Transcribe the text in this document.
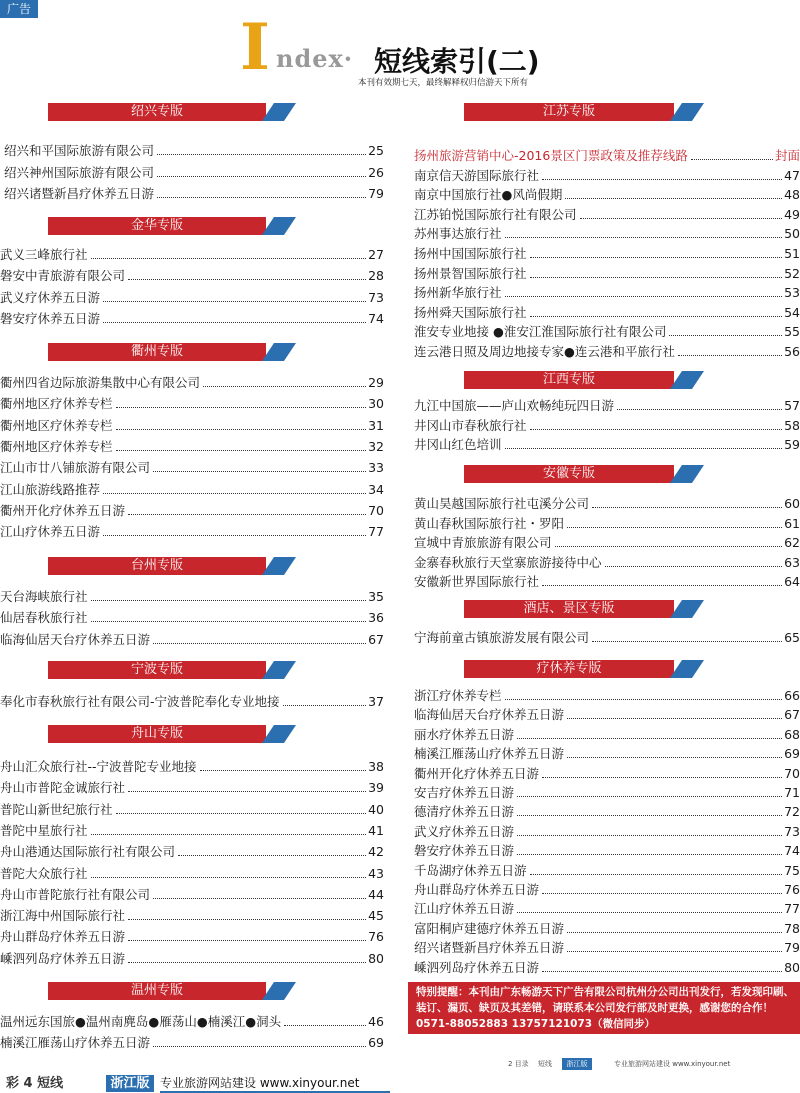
广告
I ndex· 短线索引(二)
本刊有效期七天，最终解释权归信游天下所有
绍兴专版
绍兴和平国际旅游有限公司	25
绍兴神州国际旅游有限公司	26
绍兴诸暨新昌疗休养五日游	79
金华专版
武义三峰旅行社	27
磐安中青旅游有限公司	28
武义疗休养五日游	73
磐安疗休养五日游	74
衢州专版
衢州四省边际旅游集散中心有限公司	29
衢州地区疗休养专栏	30
衢州地区疗休养专栏	31
衢州地区疗休养专栏	32
江山市廿八铺旅游有限公司	33
江山旅游线路推荐	34
衢州开化疗休养五日游	70
江山疗休养五日游	77
台州专版
天台海峡旅行社	35
仙居春秋旅行社	36
临海仙居天台疗休养五日游	67
宁波专版
奉化市春秋旅行社有限公司-宁波普陀奉化专业地接	37
舟山专版
舟山汇众旅行社--宁波普陀专业地接	38
舟山市普陀金诚旅行社	39
普陀山新世纪旅行社	40
普陀中星旅行社	41
舟山港通达国际旅行社有限公司	42
普陀大众旅行社	43
舟山市普陀旅行社有限公司	44
浙江海中州国际旅行社	45
舟山群岛疗休养五日游	76
嵊泗列岛疗休养五日游	80
温州专版
温州远东国旅●温州南麂岛●雁荡山●楠溪江●洞头	46
楠溪江雁荡山疗休养五日游	69
江苏专版
扬州旅游营销中心-2016景区门票政策及推荐线路	封面
南京信天游国际旅行社	47
南京中国旅行社●风尚假期	48
江苏铂悦国际旅行社有限公司	49
苏州事达旅行社	50
扬州中国国际旅行社	51
扬州景智国际旅行社	52
扬州新华旅行社	53
扬州舜天国际旅行社	54
淮安专业地接 ●淮安江淮国际旅行社有限公司	55
连云港日照及周边地接专家●连云港和平旅行社	56
江西专版
九江中国旅——庐山欢畅纯玩四日游	57
井冈山市春秋旅行社	58
井冈山红色培训	59
安徽专版
黄山昊越国际旅行社屯溪分公司	60
黄山春秋国际旅行社・罗阳	61
宣城中青旅旅游有限公司	62
金寨春秋旅行天堂寨旅游接待中心	63
安徽新世界国际旅行社	64
酒店、景区专版
宁海前童古镇旅游发展有限公司	65
疗休养专版
浙江疗休养专栏	66
临海仙居天台疗休养五日游	67
丽水疗休养五日游	68
楠溪江雁荡山疗休养五日游	69
衢州开化疗休养五日游	70
安吉疗休养五日游	71
德清疗休养五日游	72
武义疗休养五日游	73
磐安疗休养五日游	74
千岛湖疗休养五日游	75
舟山群岛疗休养五日游	76
江山疗休养五日游	77
富阳桐庐建德疗休养五日游	78
绍兴诸暨新昌疗休养五日游	79
嵊泗列岛疗休养五日游	80
特别提醒：本刊由广东畅游天下广告有限公司杭州分公司出刊发行，若发现印刷、
装订、漏页、缺页及其差错，请联系本公司发行部及时更换，感谢您的合作！
0571-88052883 13757121073（微信同步）
2 目录 短线	浙江版	专业旅游网站建设 www.xinyour.net
彩 4 短线	浙江版 专业旅游网站建设 www.xinyour.net
